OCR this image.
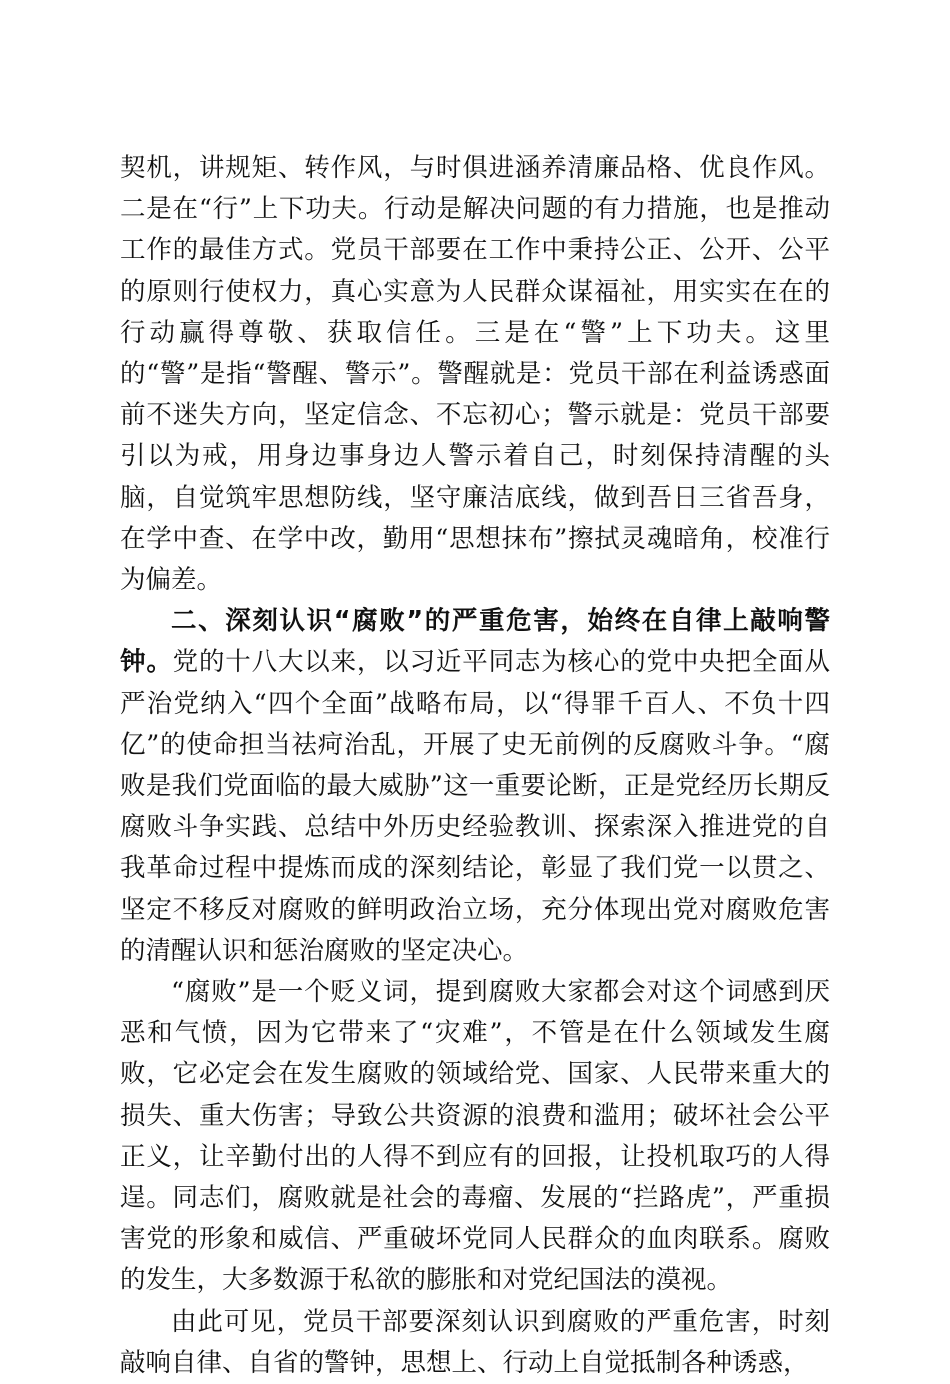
契机，讲规矩、转作风，与时俱进涵养清廉品格、优良作风。二是在“行”上下功夫。行动是解决问题的有力措施，也是推动工作的最佳方式。党员干部要在工作中秉持公正、公开、公平的原则行使权力，真心实意为人民群众谋福祉，用实实在在的行动赢得尊敬、获取信任。三是在“警”上下功夫。这里的“警”是指“警醒、警示”。警醒就是：党员干部在利益诱惑面前不迷失方向，坚定信念、不忘初心；警示就是：党员干部要引以为戒，用身边事身边人警示着自己，时刻保持清醒的头脑，自觉筑牢思想防线，坚守廉洁底线，做到吾日三省吾身，在学中查、在学中改，勤用“思想抹布”擦拭灵魂暗角，校准行为偏差。

二、深刻认识“腐败”的严重危害，始终在自律上敲响警钟。党的十八大以来，以习近平同志为核心的党中央把全面从严治党纳入“四个全面”战略布局，以“得罪千百人、不负十四亿”的使命担当祛疴治乱，开展了史无前例的反腐败斗争。“腐败是我们党面临的最大威胁”这一重要论断，正是党经历长期反腐败斗争实践、总结中外历史经验教训、探索深入推进党的自我革命过程中提炼而成的深刻结论，彰显了我们党一以贯之、坚定不移反对腐败的鲜明政治立场，充分体现出党对腐败危害的清醒认识和惩治腐败的坚定决心。

“腐败”是一个贬义词，提到腐败大家都会对这个词感到厌恶和气愤，因为它带来了“灾难”，不管是在什么领域发生腐败，它必定会在发生腐败的领域给党、国家、人民带来重大的损失、重大伤害；导致公共资源的浪费和滥用；破坏社会公平正义，让辛勤付出的人得不到应有的回报，让投机取巧的人得逞。同志们，腐败就是社会的毒瘤、发展的“拦路虎”，严重损害党的形象和威信、严重破坏党同人民群众的血肉联系。腐败的发生，大多数源于私欲的膨胀和对党纪国法的漠视。

由此可见，党员干部要深刻认识到腐败的严重危害，时刻敲响自律、自省的警钟，思想上、行动上自觉抵制各种诱惑，
